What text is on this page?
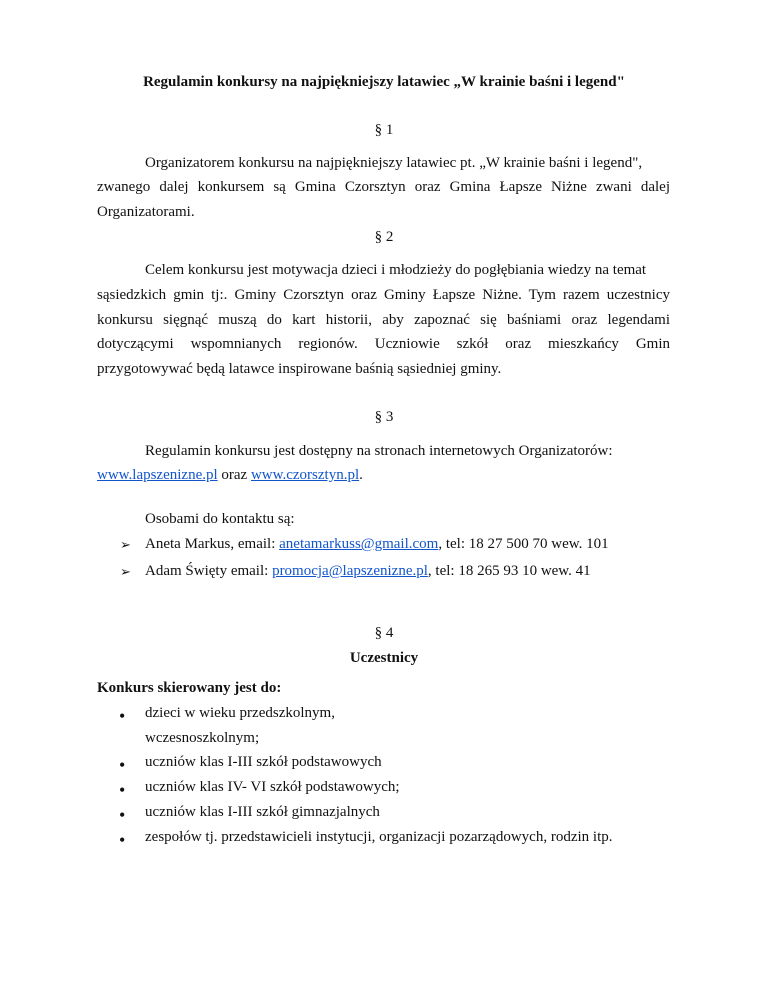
Regulamin konkursy na najpiękniejszy latawiec „W krainie baśni i legend"
§ 1
Organizatorem konkursu na najpiękniejszy latawiec pt. „W krainie baśni i legend",
zwanego dalej konkursem są Gmina Czorsztyn oraz Gmina Łapsze Niżne zwani dalej
Organizatorami.
§ 2
Celem konkursu jest motywacja dzieci i młodzieży do pogłębiania wiedzy na temat
sąsiedzkich gmin tj:. Gminy Czorsztyn oraz Gminy Łapsze Niżne. Tym razem uczestnicy
konkursu sięgnąć muszą do kart historii, aby zapoznać się baśniami oraz legendami
dotyczącymi wspomnianych regionów. Uczniowie szkół oraz mieszkańcy Gmin
przygotowywać będą latawce inspirowane baśnią sąsiedniej gminy.
§ 3
Regulamin konkursu jest dostępny na stronach internetowych Organizatorów:
www.lapszenizne.pl oraz www.czorsztyn.pl.
Osobami do kontaktu są:
➢ Aneta Markus, email: anetamarkuss@gmail.com, tel: 18 27 500 70 wew. 101
➢ Adam Święty email: promocja@lapszenizne.pl, tel: 18 265 93 10 wew. 41
§ 4
Uczestnicy
Konkurs skierowany jest do:
• dzieci w wieku przedszkolnym,
wczesnoszkolnym;
• uczniów klas I-III szkół podstawowych
• uczniów klas IV- VI szkół podstawowych;
• uczniów klas I-III szkół gimnazjalnych
• zespołów tj. przedstawicieli instytucji, organizacji pozarządowych, rodzin itp.
